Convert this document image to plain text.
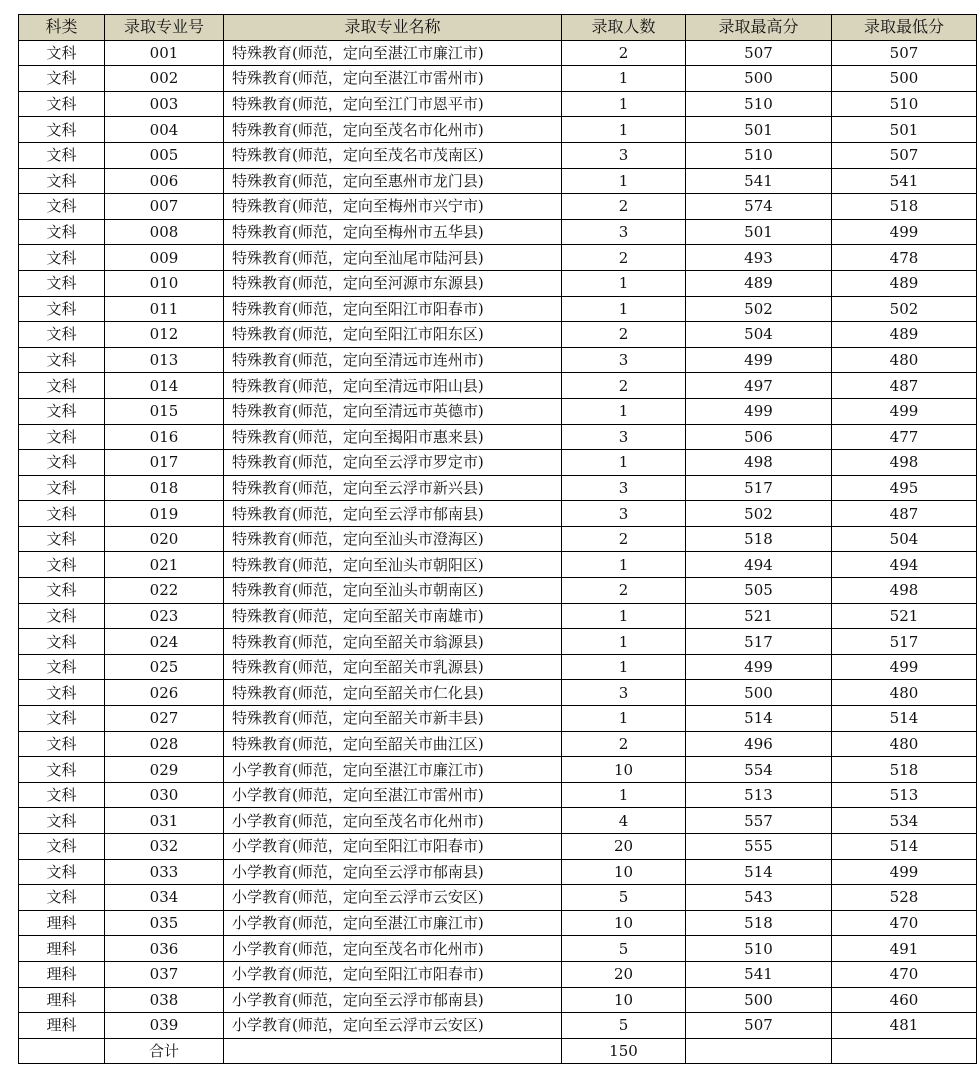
科类	录取专业号	录取专业名称	录取人数	录取最高分	录取最低分
文科	001	特殊教育(师范，定向至湛江市廉江市)	2	507	507
文科	002	特殊教育(师范，定向至湛江市雷州市)	1	500	500
文科	003	特殊教育(师范，定向至江门市恩平市)	1	510	510
文科	004	特殊教育(师范，定向至茂名市化州市)	1	501	501
文科	005	特殊教育(师范，定向至茂名市茂南区)	3	510	507
文科	006	特殊教育(师范，定向至惠州市龙门县)	1	541	541
文科	007	特殊教育(师范，定向至梅州市兴宁市)	2	574	518
文科	008	特殊教育(师范，定向至梅州市五华县)	3	501	499
文科	009	特殊教育(师范，定向至汕尾市陆河县)	2	493	478
文科	010	特殊教育(师范，定向至河源市东源县)	1	489	489
文科	011	特殊教育(师范，定向至阳江市阳春市)	1	502	502
文科	012	特殊教育(师范，定向至阳江市阳东区)	2	504	489
文科	013	特殊教育(师范，定向至清远市连州市)	3	499	480
文科	014	特殊教育(师范，定向至清远市阳山县)	2	497	487
文科	015	特殊教育(师范，定向至清远市英德市)	1	499	499
文科	016	特殊教育(师范，定向至揭阳市惠来县)	3	506	477
文科	017	特殊教育(师范，定向至云浮市罗定市)	1	498	498
文科	018	特殊教育(师范，定向至云浮市新兴县)	3	517	495
文科	019	特殊教育(师范，定向至云浮市郁南县)	3	502	487
文科	020	特殊教育(师范，定向至汕头市澄海区)	2	518	504
文科	021	特殊教育(师范，定向至汕头市朝阳区)	1	494	494
文科	022	特殊教育(师范，定向至汕头市朝南区)	2	505	498
文科	023	特殊教育(师范，定向至韶关市南雄市)	1	521	521
文科	024	特殊教育(师范，定向至韶关市翁源县)	1	517	517
文科	025	特殊教育(师范，定向至韶关市乳源县)	1	499	499
文科	026	特殊教育(师范，定向至韶关市仁化县)	3	500	480
文科	027	特殊教育(师范，定向至韶关市新丰县)	1	514	514
文科	028	特殊教育(师范，定向至韶关市曲江区)	2	496	480
文科	029	小学教育(师范，定向至湛江市廉江市)	10	554	518
文科	030	小学教育(师范，定向至湛江市雷州市)	1	513	513
文科	031	小学教育(师范，定向至茂名市化州市)	4	557	534
文科	032	小学教育(师范，定向至阳江市阳春市)	20	555	514
文科	033	小学教育(师范，定向至云浮市郁南县)	10	514	499
文科	034	小学教育(师范，定向至云浮市云安区)	5	543	528
理科	035	小学教育(师范，定向至湛江市廉江市)	10	518	470
理科	036	小学教育(师范，定向至茂名市化州市)	5	510	491
理科	037	小学教育(师范，定向至阳江市阳春市)	20	541	470
理科	038	小学教育(师范，定向至云浮市郁南县)	10	500	460
理科	039	小学教育(师范，定向至云浮市云安区)	5	507	481
	合计		150		
